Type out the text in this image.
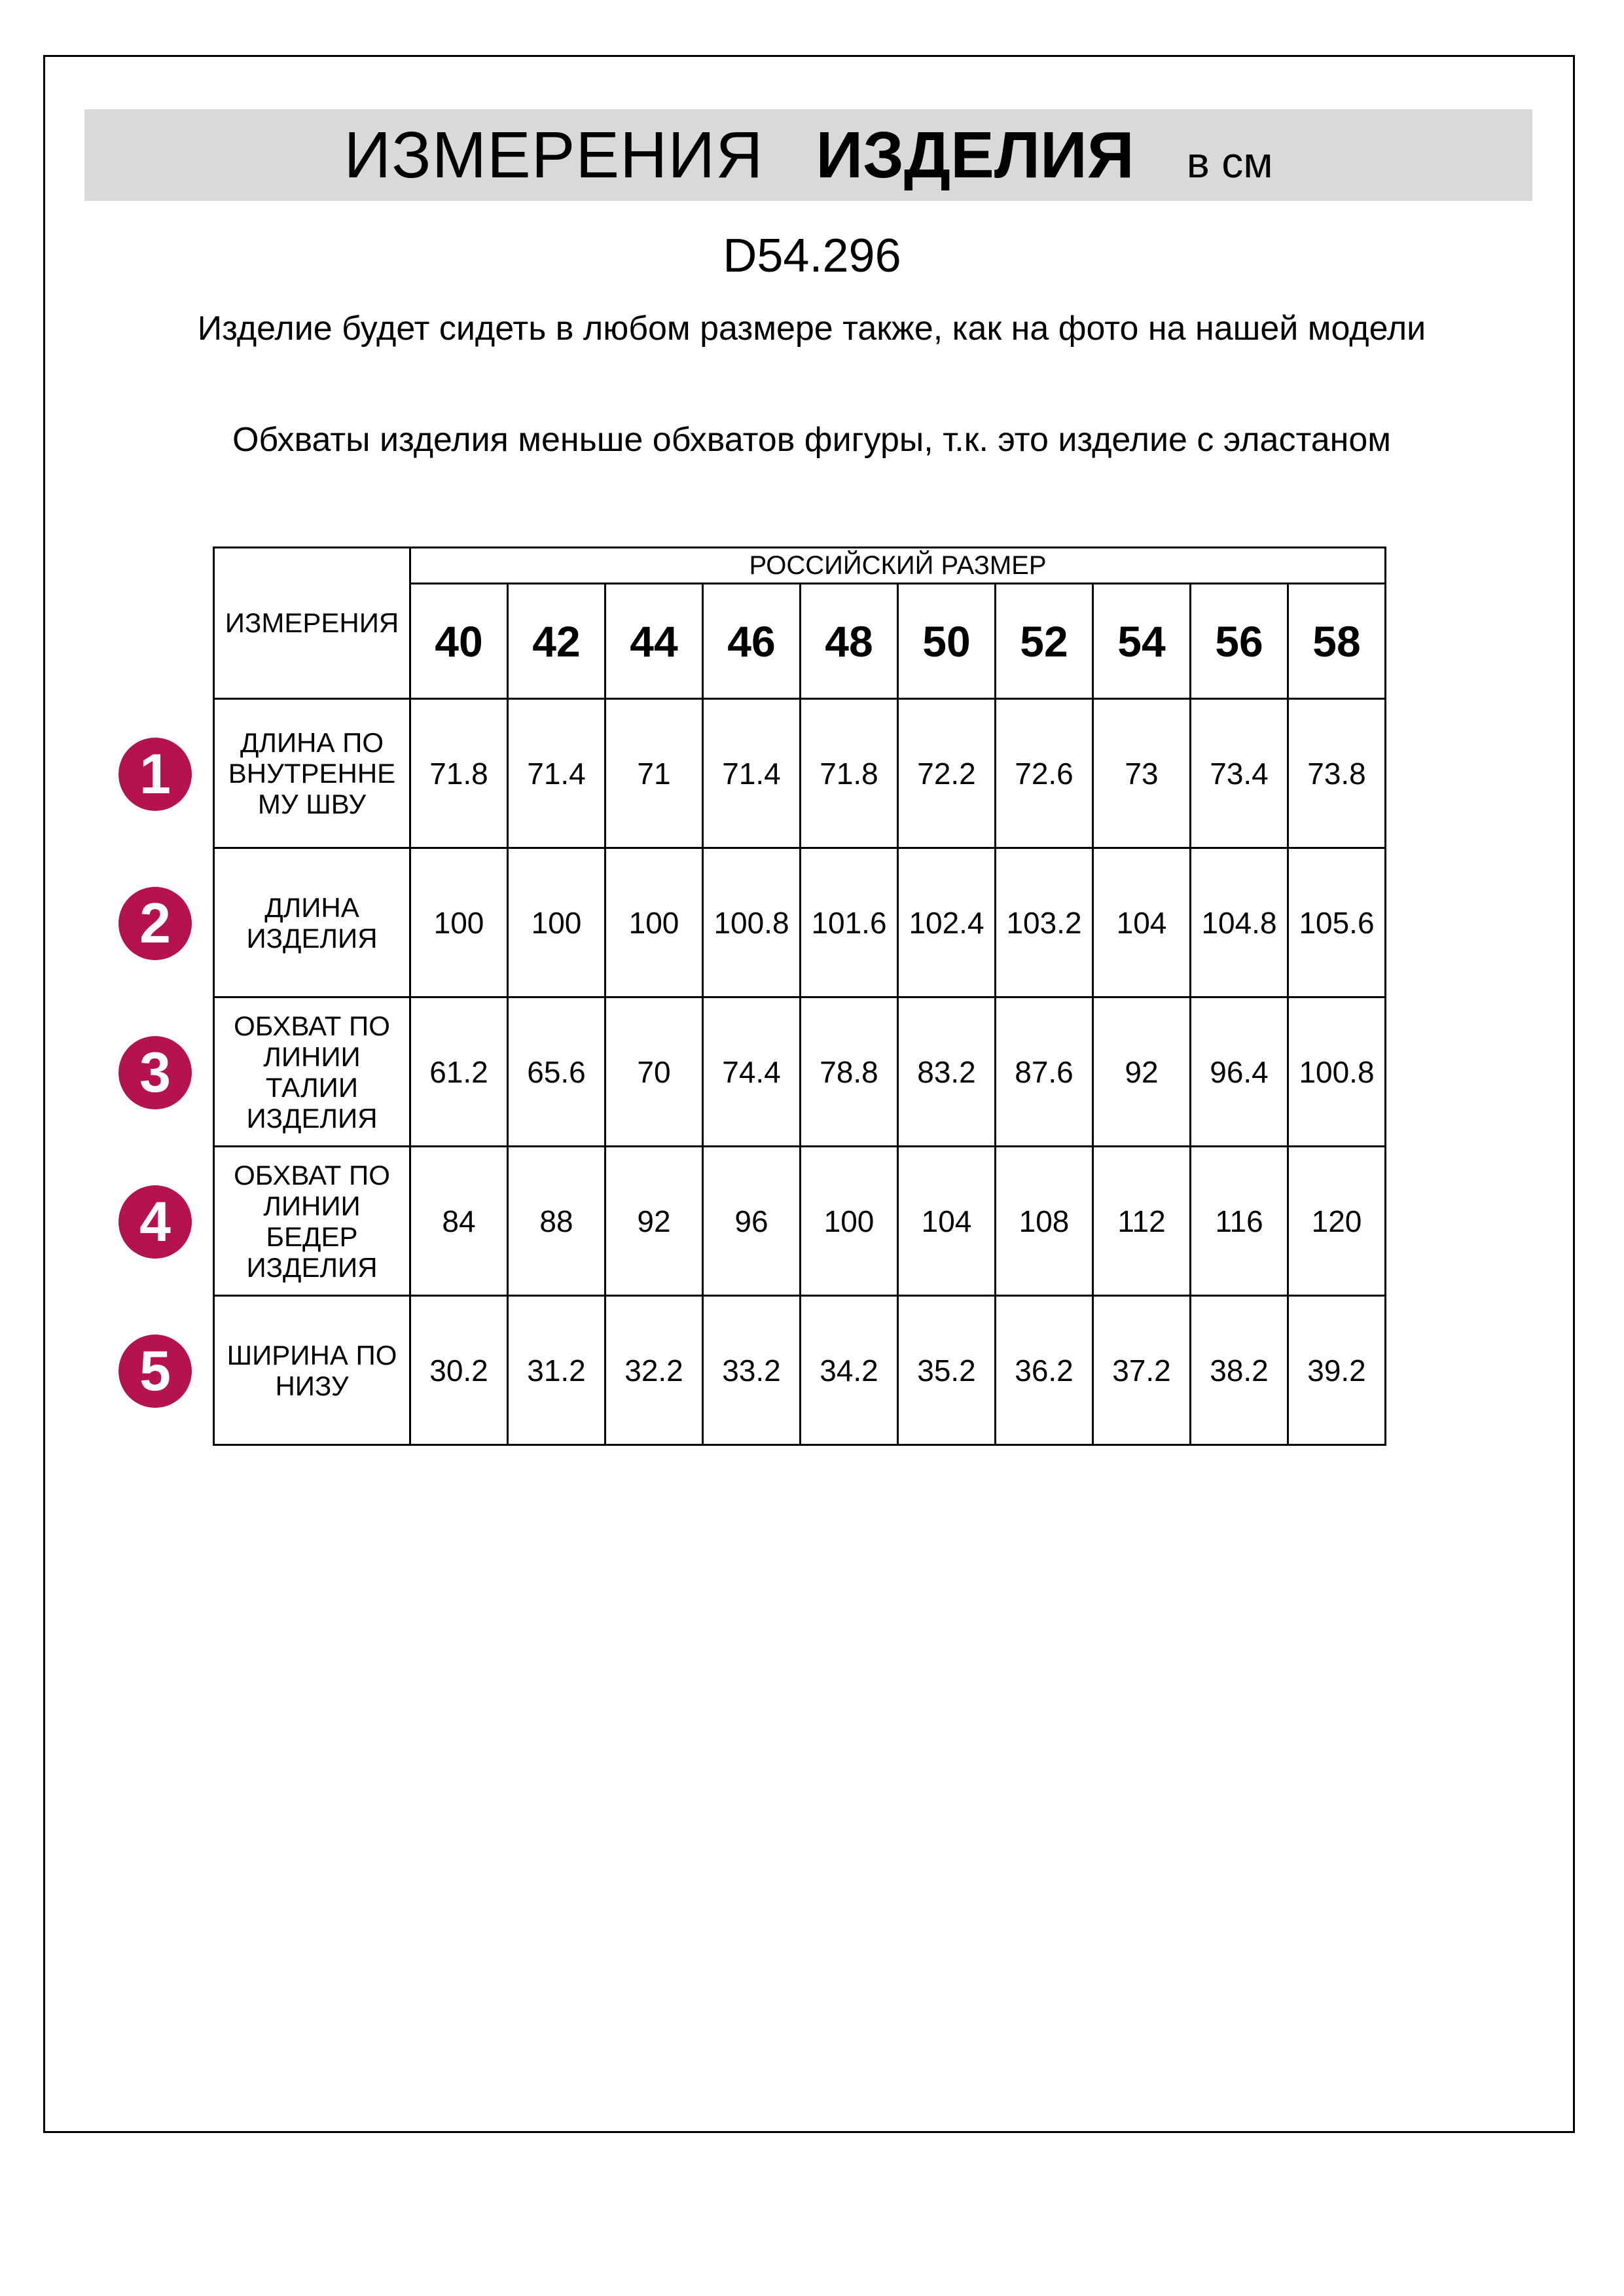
ИЗМЕРЕНИЯ ИЗДЕЛИЯ в см
D54.296
Изделие будет сидеть в любом размере также, как на фото на нашей модели
Обхваты изделия меньше обхватов фигуры, т.к. это изделие с эластаном
ИЗМЕРЕНИЯ	РОССИЙСКИЙ РАЗМЕР									
	40	42	44	46	48	50	52	54	56	58
ДЛИНА ПО ВНУТРЕННЕ МУ ШВУ	71.8	71.4	71	71.4	71.8	72.2	72.6	73	73.4	73.8
ДЛИНА ИЗДЕЛИЯ	100	100	100	100.8	101.6	102.4	103.2	104	104.8	105.6
ОБХВАТ ПО ЛИНИИ ТАЛИИ ИЗДЕЛИЯ	61.2	65.6	70	74.4	78.8	83.2	87.6	92	96.4	100.8
ОБХВАТ ПО ЛИНИИ БЕДЕР ИЗДЕЛИЯ	84	88	92	96	100	104	108	112	116	120
ШИРИНА ПО НИЗУ	30.2	31.2	32.2	33.2	34.2	35.2	36.2	37.2	38.2	39.2
1
2
3
4
5
